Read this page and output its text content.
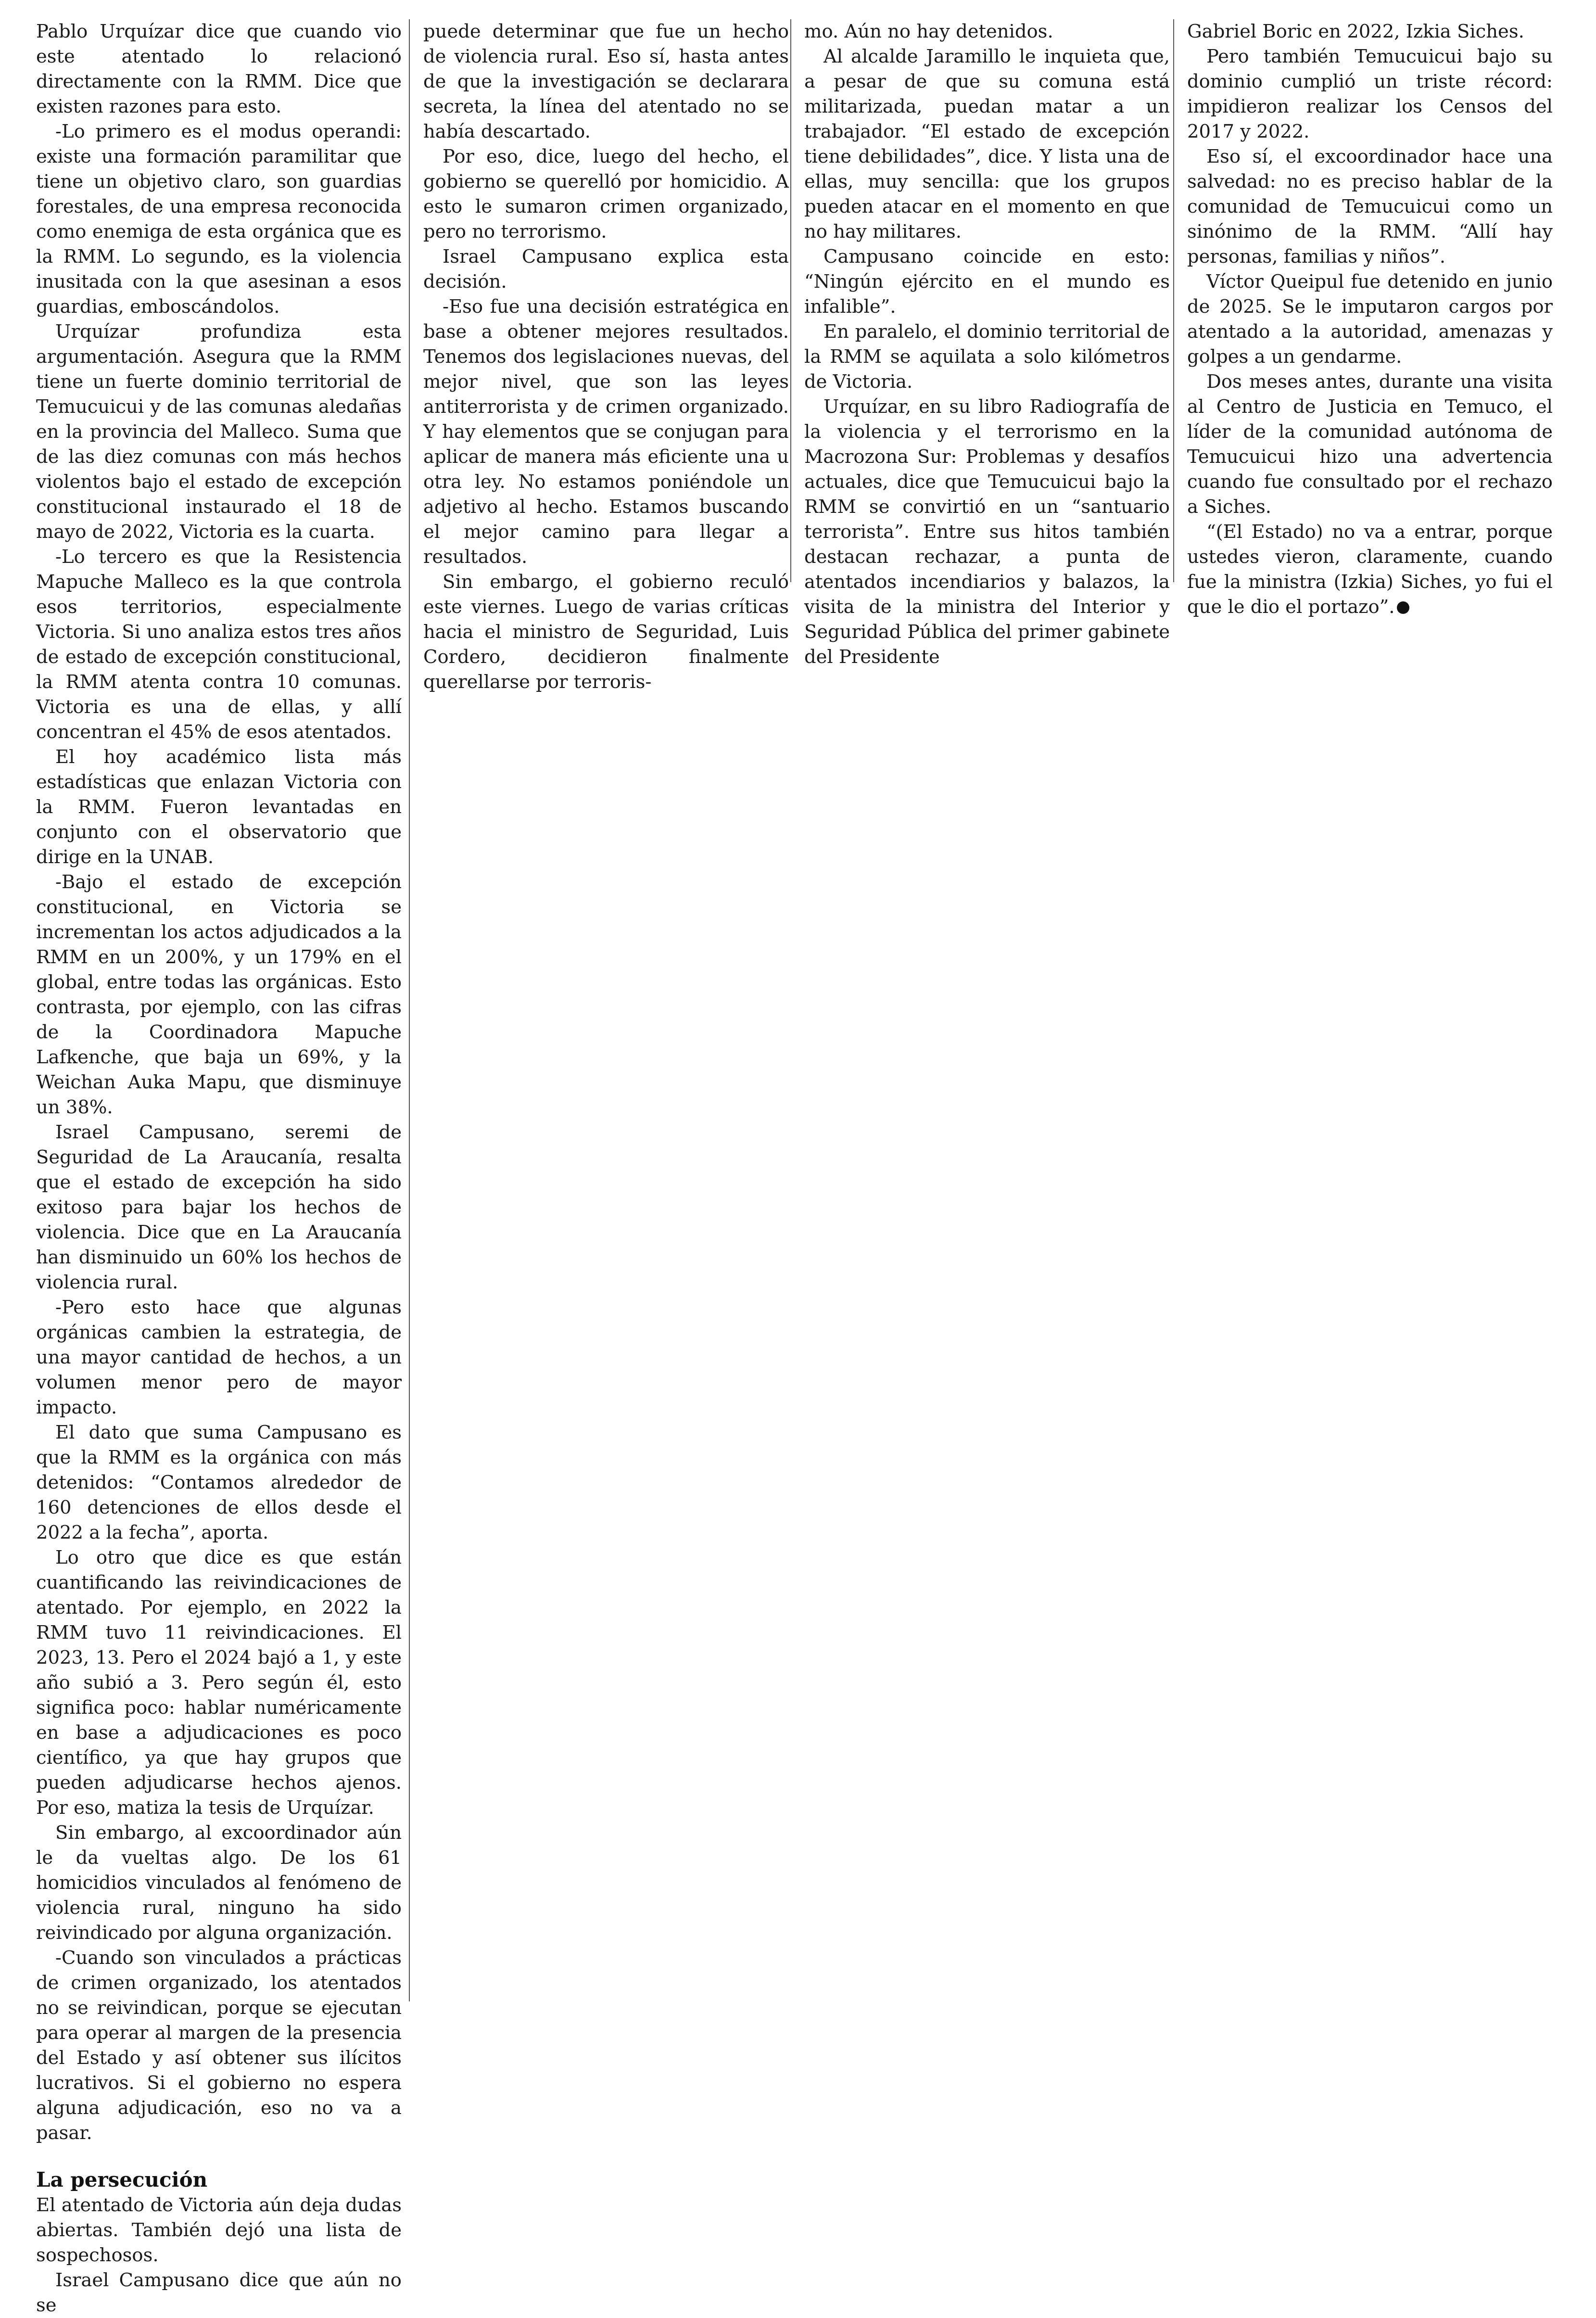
Pablo Urquízar dice que cuando vio este atentado lo relacionó directamente con la RMM. Dice que existen razones para esto.

-Lo primero es el modus operandi: existe una formación paramilitar que tiene un objetivo claro, son guardias forestales, de una empresa reconocida como enemiga de esta orgánica que es la RMM. Lo segundo, es la violencia inusitada con la que asesinan a esos guardias, emboscándolos.

Urquízar profundiza esta argumentación. Asegura que la RMM tiene un fuerte dominio territorial de Temucuicui y de las comunas aledañas en la provincia del Malleco. Suma que de las diez comunas con más hechos violentos bajo el estado de excepción constitucional instaurado el 18 de mayo de 2022, Victoria es la cuarta.

-Lo tercero es que la Resistencia Mapuche Malleco es la que controla esos territorios, especialmente Victoria. Si uno analiza estos tres años de estado de excepción constitucional, la RMM atenta contra 10 comunas. Victoria es una de ellas, y allí concentran el 45% de esos atentados.

El hoy académico lista más estadísticas que enlazan Victoria con la RMM. Fueron levantadas en conjunto con el observatorio que dirige en la UNAB.

-Bajo el estado de excepción constitucional, en Victoria se incrementan los actos adjudicados a la RMM en un 200%, y un 179% en el global, entre todas las orgánicas. Esto contrasta, por ejemplo, con las cifras de la Coordinadora Mapuche Lafkenche, que baja un 69%, y la Weichan Auka Mapu, que disminuye un 38%.

Israel Campusano, seremi de Seguridad de La Araucanía, resalta que el estado de excepción ha sido exitoso para bajar los hechos de violencia. Dice que en La Araucanía han disminuido un 60% los hechos de violencia rural.

-Pero esto hace que algunas orgánicas cambien la estrategia, de una mayor cantidad de hechos, a un volumen menor pero de mayor impacto.

El dato que suma Campusano es que la RMM es la orgánica con más detenidos: “Contamos alrededor de 160 detenciones de ellos desde el 2022 a la fecha”, aporta.

Lo otro que dice es que están cuantificando las reivindicaciones de atentado. Por ejemplo, en 2022 la RMM tuvo 11 reivindicaciones. El 2023, 13. Pero el 2024 bajó a 1, y este año subió a 3. Pero según él, esto significa poco: hablar numéricamente en base a adjudicaciones es poco científico, ya que hay grupos que pueden adjudicarse hechos ajenos. Por eso, matiza la tesis de Urquízar.

Sin embargo, al excoordinador aún le da vueltas algo. De los 61 homicidios vinculados al fenómeno de violencia rural, ninguno ha sido reivindicado por alguna organización.

-Cuando son vinculados a prácticas de crimen organizado, los atentados no se reivindican, porque se ejecutan para operar al margen de la presencia del Estado y así obtener sus ilícitos lucrativos. Si el gobierno no espera alguna adjudicación, eso no va a pasar.

La persecución

El atentado de Victoria aún deja dudas abiertas. También dejó una lista de sospechosos.

Israel Campusano dice que aún no se

puede determinar que fue un hecho de violencia rural. Eso sí, hasta antes de que la investigación se declarara secreta, la línea del atentado no se había descartado.

Por eso, dice, luego del hecho, el gobierno se querelló por homicidio. A esto le sumaron crimen organizado, pero no terrorismo.

Israel Campusano explica esta decisión.

-Eso fue una decisión estratégica en base a obtener mejores resultados. Tenemos dos legislaciones nuevas, del mejor nivel, que son las leyes antiterrorista y de crimen organizado. Y hay elementos que se conjugan para aplicar de manera más eficiente una u otra ley. No estamos poniéndole un adjetivo al hecho. Estamos buscando el mejor camino para llegar a resultados.

Sin embargo, el gobierno reculó este viernes. Luego de varias críticas hacia el ministro de Seguridad, Luis Cordero, decidieron finalmente querellarse por terroris-

mo. Aún no hay detenidos.

Al alcalde Jaramillo le inquieta que, a pesar de que su comuna está militarizada, puedan matar a un trabajador. “El estado de excepción tiene debilidades”, dice. Y lista una de ellas, muy sencilla: que los grupos pueden atacar en el momento en que no hay militares.

Campusano coincide en esto: “Ningún ejército en el mundo es infalible”.

En paralelo, el dominio territorial de la RMM se aquilata a solo kilómetros de Victoria.

Urquízar, en su libro Radiografía de la violencia y el terrorismo en la Macrozona Sur: Problemas y desafíos actuales, dice que Temucuicui bajo la RMM se convirtió en un “santuario terrorista”. Entre sus hitos también destacan rechazar, a punta de atentados incendiarios y balazos, la visita de la ministra del Interior y Seguridad Pública del primer gabinete del Presidente

Gabriel Boric en 2022, Izkia Siches.

Pero también Temucuicui bajo su dominio cumplió un triste récord: impidieron realizar los Censos del 2017 y 2022.

Eso sí, el excoordinador hace una salvedad: no es preciso hablar de la comunidad de Temucuicui como un sinónimo de la RMM. “Allí hay personas, familias y niños”.

Víctor Queipul fue detenido en junio de 2025. Se le imputaron cargos por atentado a la autoridad, amenazas y golpes a un gendarme.

Dos meses antes, durante una visita al Centro de Justicia en Temuco, el líder de la comunidad autónoma de Temucuicui hizo una advertencia cuando fue consultado por el rechazo a Siches.

“(El Estado) no va a entrar, porque ustedes vieron, claramente, cuando fue la ministra (Izkia) Siches, yo fui el que le dio el portazo”.
